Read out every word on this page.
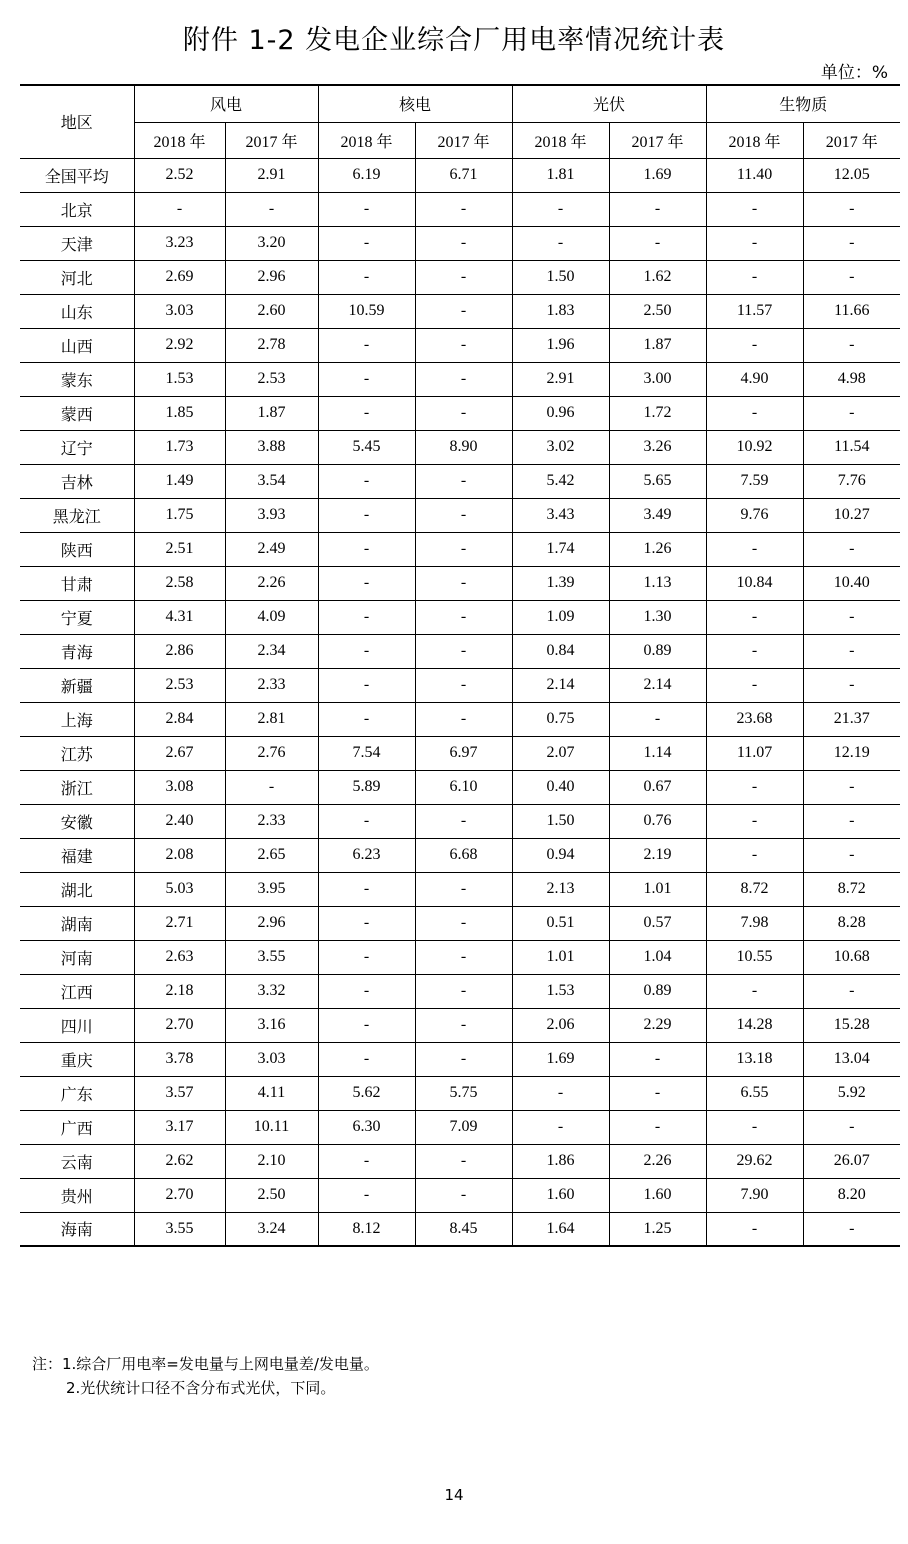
附件 1-2 发电企业综合厂用电率情况统计表
单位：%
地区	风电		核电		光伏		生物质	
	2018 年	2017 年	2018 年	2017 年	2018 年	2017 年	2018 年	2017 年
全国平均	2.52	2.91	6.19	6.71	1.81	1.69	11.40	12.05
北京	-	-	-	-	-	-	-	-
天津	3.23	3.20	-	-	-	-	-	-
河北	2.69	2.96	-	-	1.50	1.62	-	-
山东	3.03	2.60	10.59	-	1.83	2.50	11.57	11.66
山西	2.92	2.78	-	-	1.96	1.87	-	-
蒙东	1.53	2.53	-	-	2.91	3.00	4.90	4.98
蒙西	1.85	1.87	-	-	0.96	1.72	-	-
辽宁	1.73	3.88	5.45	8.90	3.02	3.26	10.92	11.54
吉林	1.49	3.54	-	-	5.42	5.65	7.59	7.76
黑龙江	1.75	3.93	-	-	3.43	3.49	9.76	10.27
陕西	2.51	2.49	-	-	1.74	1.26	-	-
甘肃	2.58	2.26	-	-	1.39	1.13	10.84	10.40
宁夏	4.31	4.09	-	-	1.09	1.30	-	-
青海	2.86	2.34	-	-	0.84	0.89	-	-
新疆	2.53	2.33	-	-	2.14	2.14	-	-
上海	2.84	2.81	-	-	0.75	-	23.68	21.37
江苏	2.67	2.76	7.54	6.97	2.07	1.14	11.07	12.19
浙江	3.08	-	5.89	6.10	0.40	0.67	-	-
安徽	2.40	2.33	-	-	1.50	0.76	-	-
福建	2.08	2.65	6.23	6.68	0.94	2.19	-	-
湖北	5.03	3.95	-	-	2.13	1.01	8.72	8.72
湖南	2.71	2.96	-	-	0.51	0.57	7.98	8.28
河南	2.63	3.55	-	-	1.01	1.04	10.55	10.68
江西	2.18	3.32	-	-	1.53	0.89	-	-
四川	2.70	3.16	-	-	2.06	2.29	14.28	15.28
重庆	3.78	3.03	-	-	1.69	-	13.18	13.04
广东	3.57	4.11	5.62	5.75	-	-	6.55	5.92
广西	3.17	10.11	6.30	7.09	-	-	-	-
云南	2.62	2.10	-	-	1.86	2.26	29.62	26.07
贵州	2.70	2.50	-	-	1.60	1.60	7.90	8.20
海南	3.55	3.24	8.12	8.45	1.64	1.25	-	-
注：1.综合厂用电率=发电量与上网电量差/发电量。
2.光伏统计口径不含分布式光伏，下同。
14
